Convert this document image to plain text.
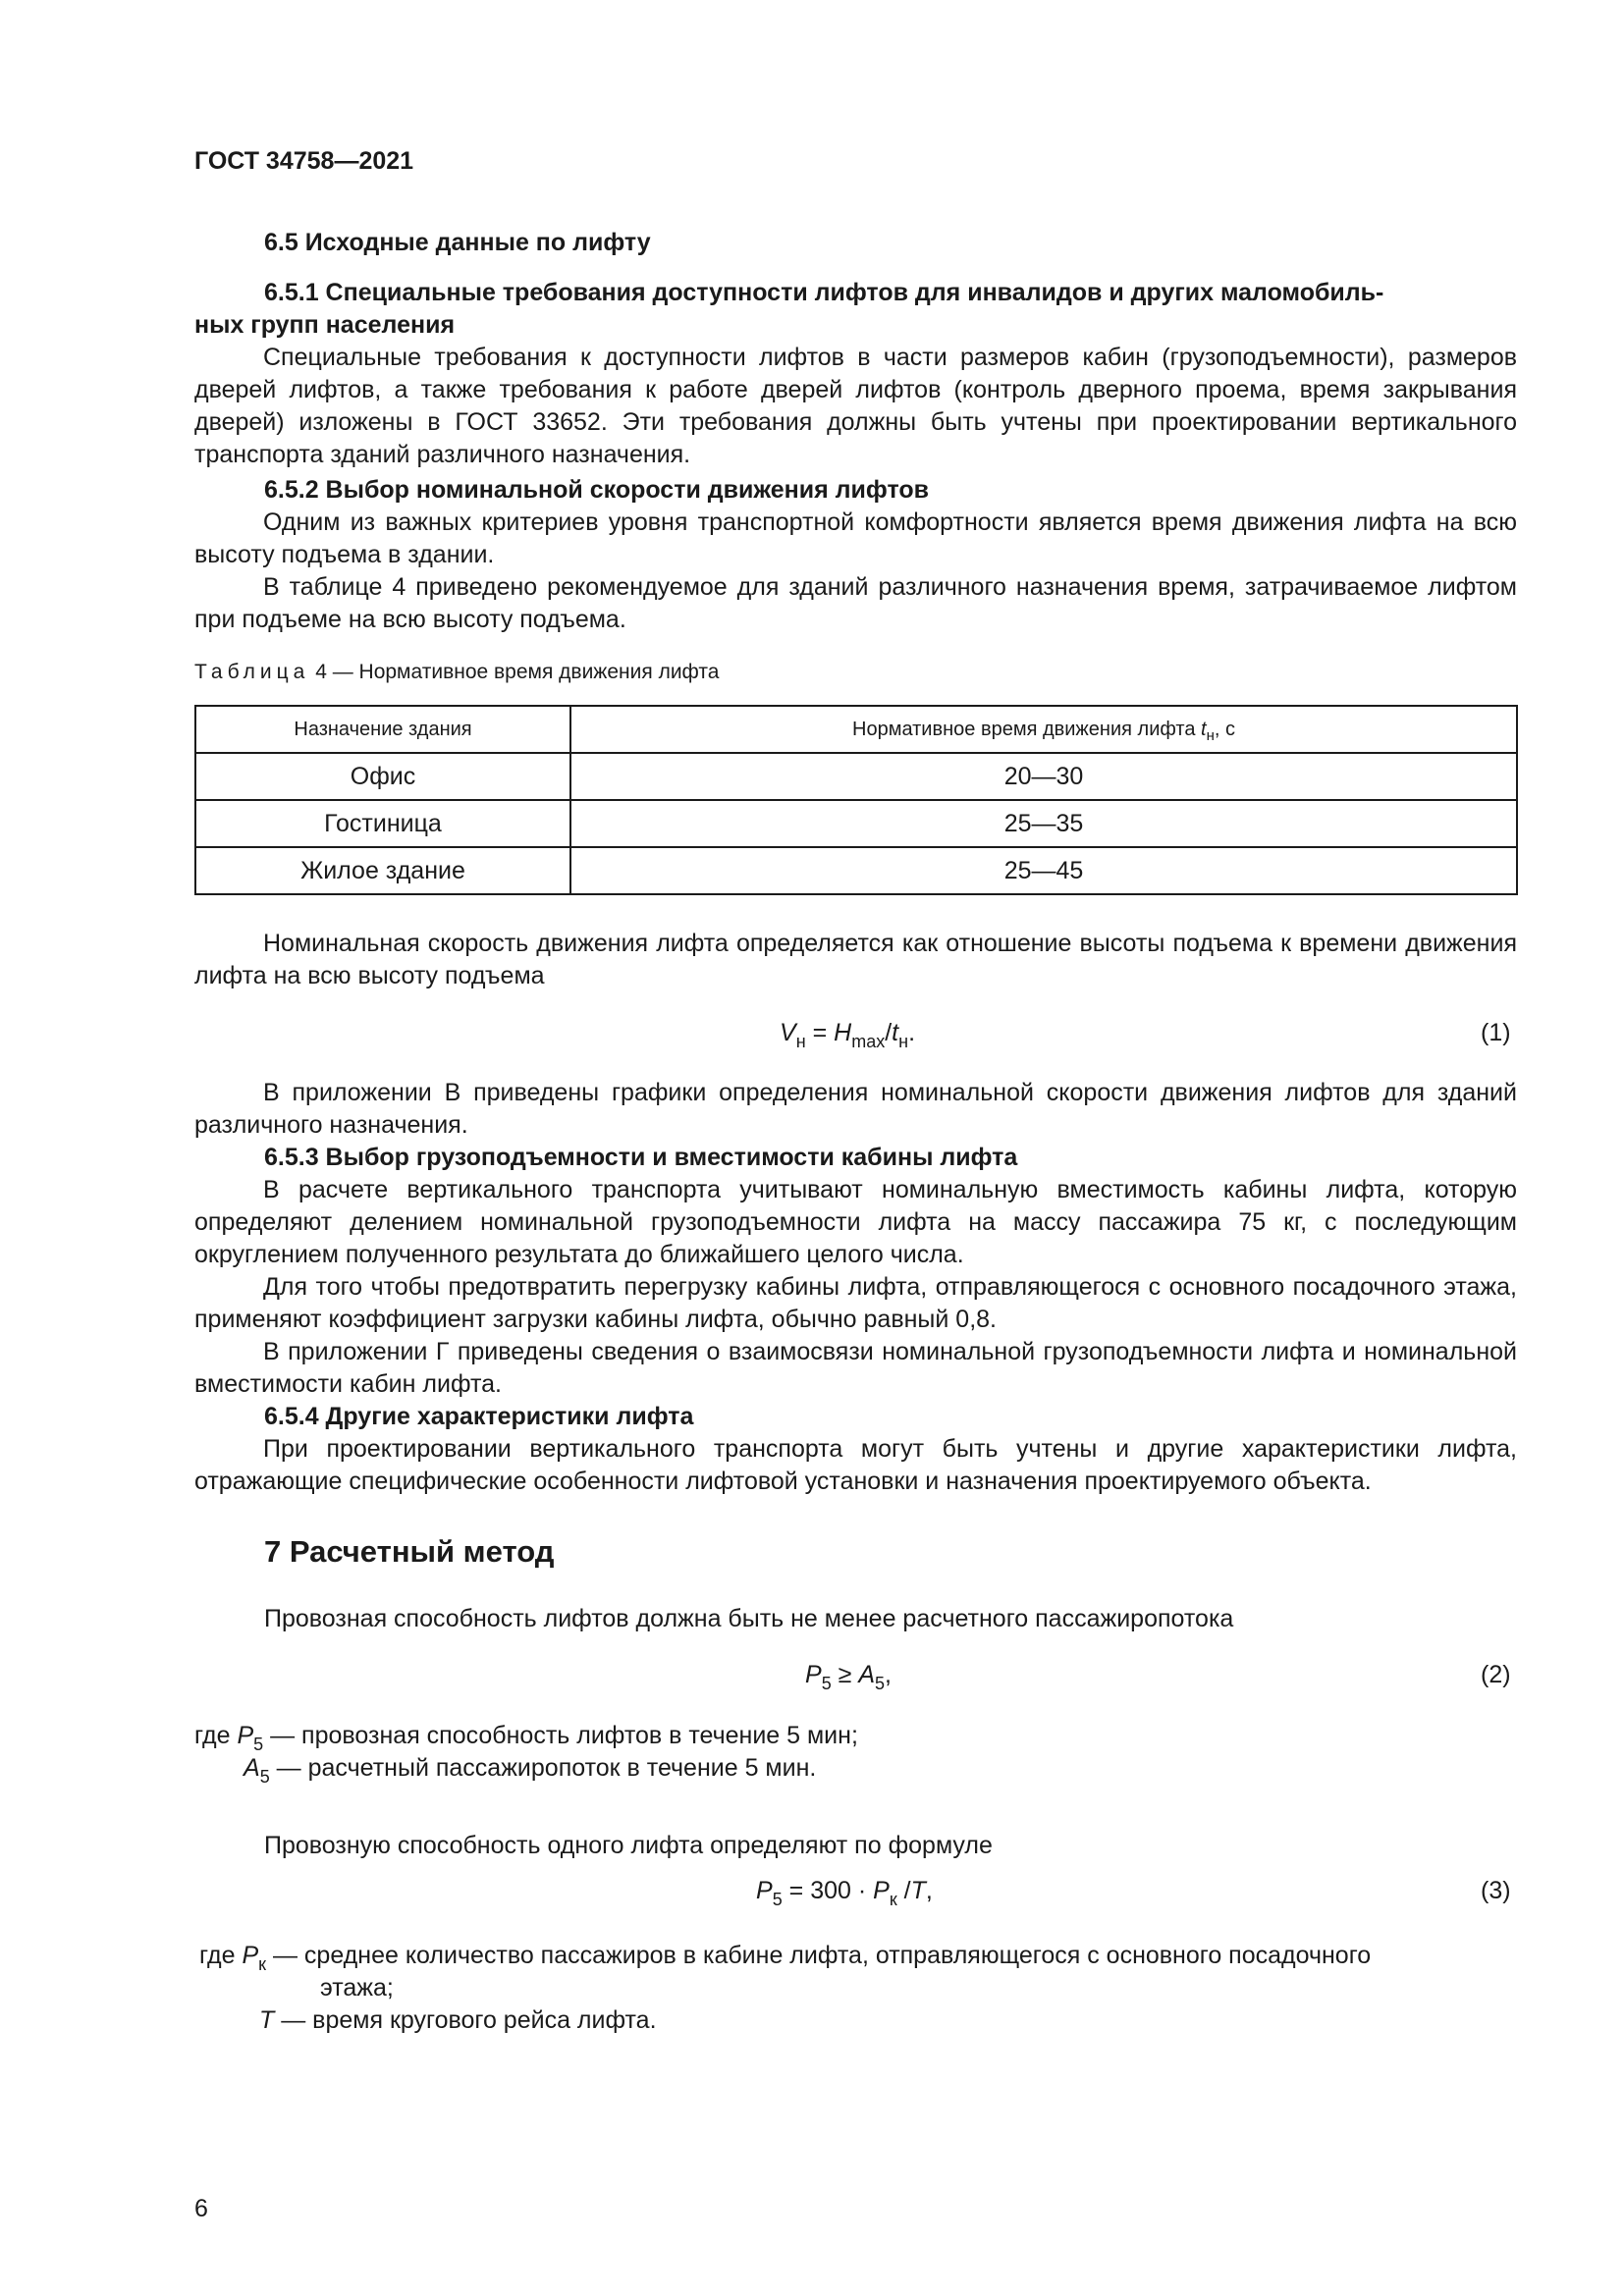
ГОСТ 34758—2021
6.5 Исходные данные по лифту
6.5.1 Специальные требования доступности лифтов для инвалидов и других маломобиль-
ных групп населения
Специальные требования к доступности лифтов в части размеров кабин (грузоподъемности), размеров дверей лифтов, а также требования к работе дверей лифтов (контроль дверного проема, время закрывания дверей) изложены в ГОСТ 33652. Эти требования должны быть учтены при проектировании вертикального транспорта зданий различного назначения.
6.5.2 Выбор номинальной скорости движения лифтов
Одним из важных критериев уровня транспортной комфортности является время движения лифта на всю высоту подъема в здании.
В таблице 4 приведено рекомендуемое для зданий различного назначения время, затрачиваемое лифтом при подъеме на всю высоту подъема.
Таблица 4 — Нормативное время движения лифта
Назначение здания	Нормативное время движения лифта $t_н$, с
Офис	20—30
Гостиница	25—35
Жилое здание	25—45
Номинальная скорость движения лифта определяется как отношение высоты подъема к времени движения лифта на всю высоту подъема
$V_н = H_{max}/t_н$.	(1)
В приложении В приведены графики определения номинальной скорости движения лифтов для зданий различного назначения.
6.5.3 Выбор грузоподъемности и вместимости кабины лифта
В расчете вертикального транспорта учитывают номинальную вместимость кабины лифта, которую определяют делением номинальной грузоподъемности лифта на массу пассажира 75 кг, с последующим округлением полученного результата до ближайшего целого числа.
Для того чтобы предотвратить перегрузку кабины лифта, отправляющегося с основного посадочного этажа, применяют коэффициент загрузки кабины лифта, обычно равный 0,8.
В приложении Г приведены сведения о взаимосвязи номинальной грузоподъемности лифта и номинальной вместимости кабин лифта.
6.5.4 Другие характеристики лифта
При проектировании вертикального транспорта могут быть учтены и другие характеристики лифта, отражающие специфические особенности лифтовой установки и назначения проектируемого объекта.
7 Расчетный метод
Провозная способность лифтов должна быть не менее расчетного пассажиропотока
$P_5 \ge A_5$,	(2)
где $P_5$ — провозная способность лифтов в течение 5 мин;
$A_5$ — расчетный пассажиропоток в течение 5 мин.
Провозную способность одного лифта определяют по формуле
$P_5 = 300 \cdot P_к$ /T,	(3)
где $P_к$ — среднее количество пассажиров в кабине лифта, отправляющегося с основного посадочного
этажа;
T — время кругового рейса лифта.
6
